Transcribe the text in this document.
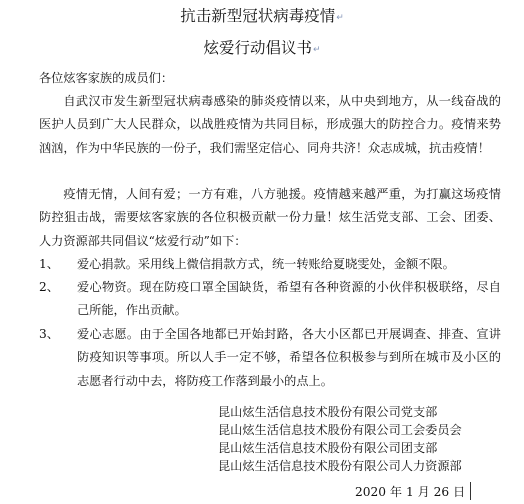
抗击新型冠状病毒疫情↵
炫爱行动倡议书↵
各位炫客家族的成员们：
自武汉市发生新型冠状病毒感染的肺炎疫情以来，从中央到地方，从一线奋战的医护人员到广大人民群众，以战胜疫情为共同目标，形成强大的防控合力。疫情来势汹汹，作为中华民族的一份子，我们需坚定信心、同舟共济！众志成城，抗击疫情！
疫情无情，人间有爱；一方有难，八方驰援。疫情越来越严重，为打赢这场疫情防控狙击战，需要炫客家族的各位积极贡献一份力量！炫生活党支部、工会、团委、人力资源部共同倡议“炫爱行动”如下：
1、	爱心捐款。采用线上微信捐款方式，统一转账给夏晓雯处，金额不限。
2、	爱心物资。现在防疫口罩全国缺货，希望有各种资源的小伙伴积极联络，尽自己所能，作出贡献。
3、	爱心志愿。由于全国各地都已开始封路，各大小区都已开展调查、排查、宣讲防疫知识等事项。所以人手一定不够，希望各位积极参与到所在城市及小区的志愿者行动中去，将防疫工作落到最小的点上。
昆山炫生活信息技术股份有限公司党支部
昆山炫生活信息技术股份有限公司工会委员会
昆山炫生活信息技术股份有限公司团支部
昆山炫生活信息技术股份有限公司人力资源部
2020 年 1 月 26 日
